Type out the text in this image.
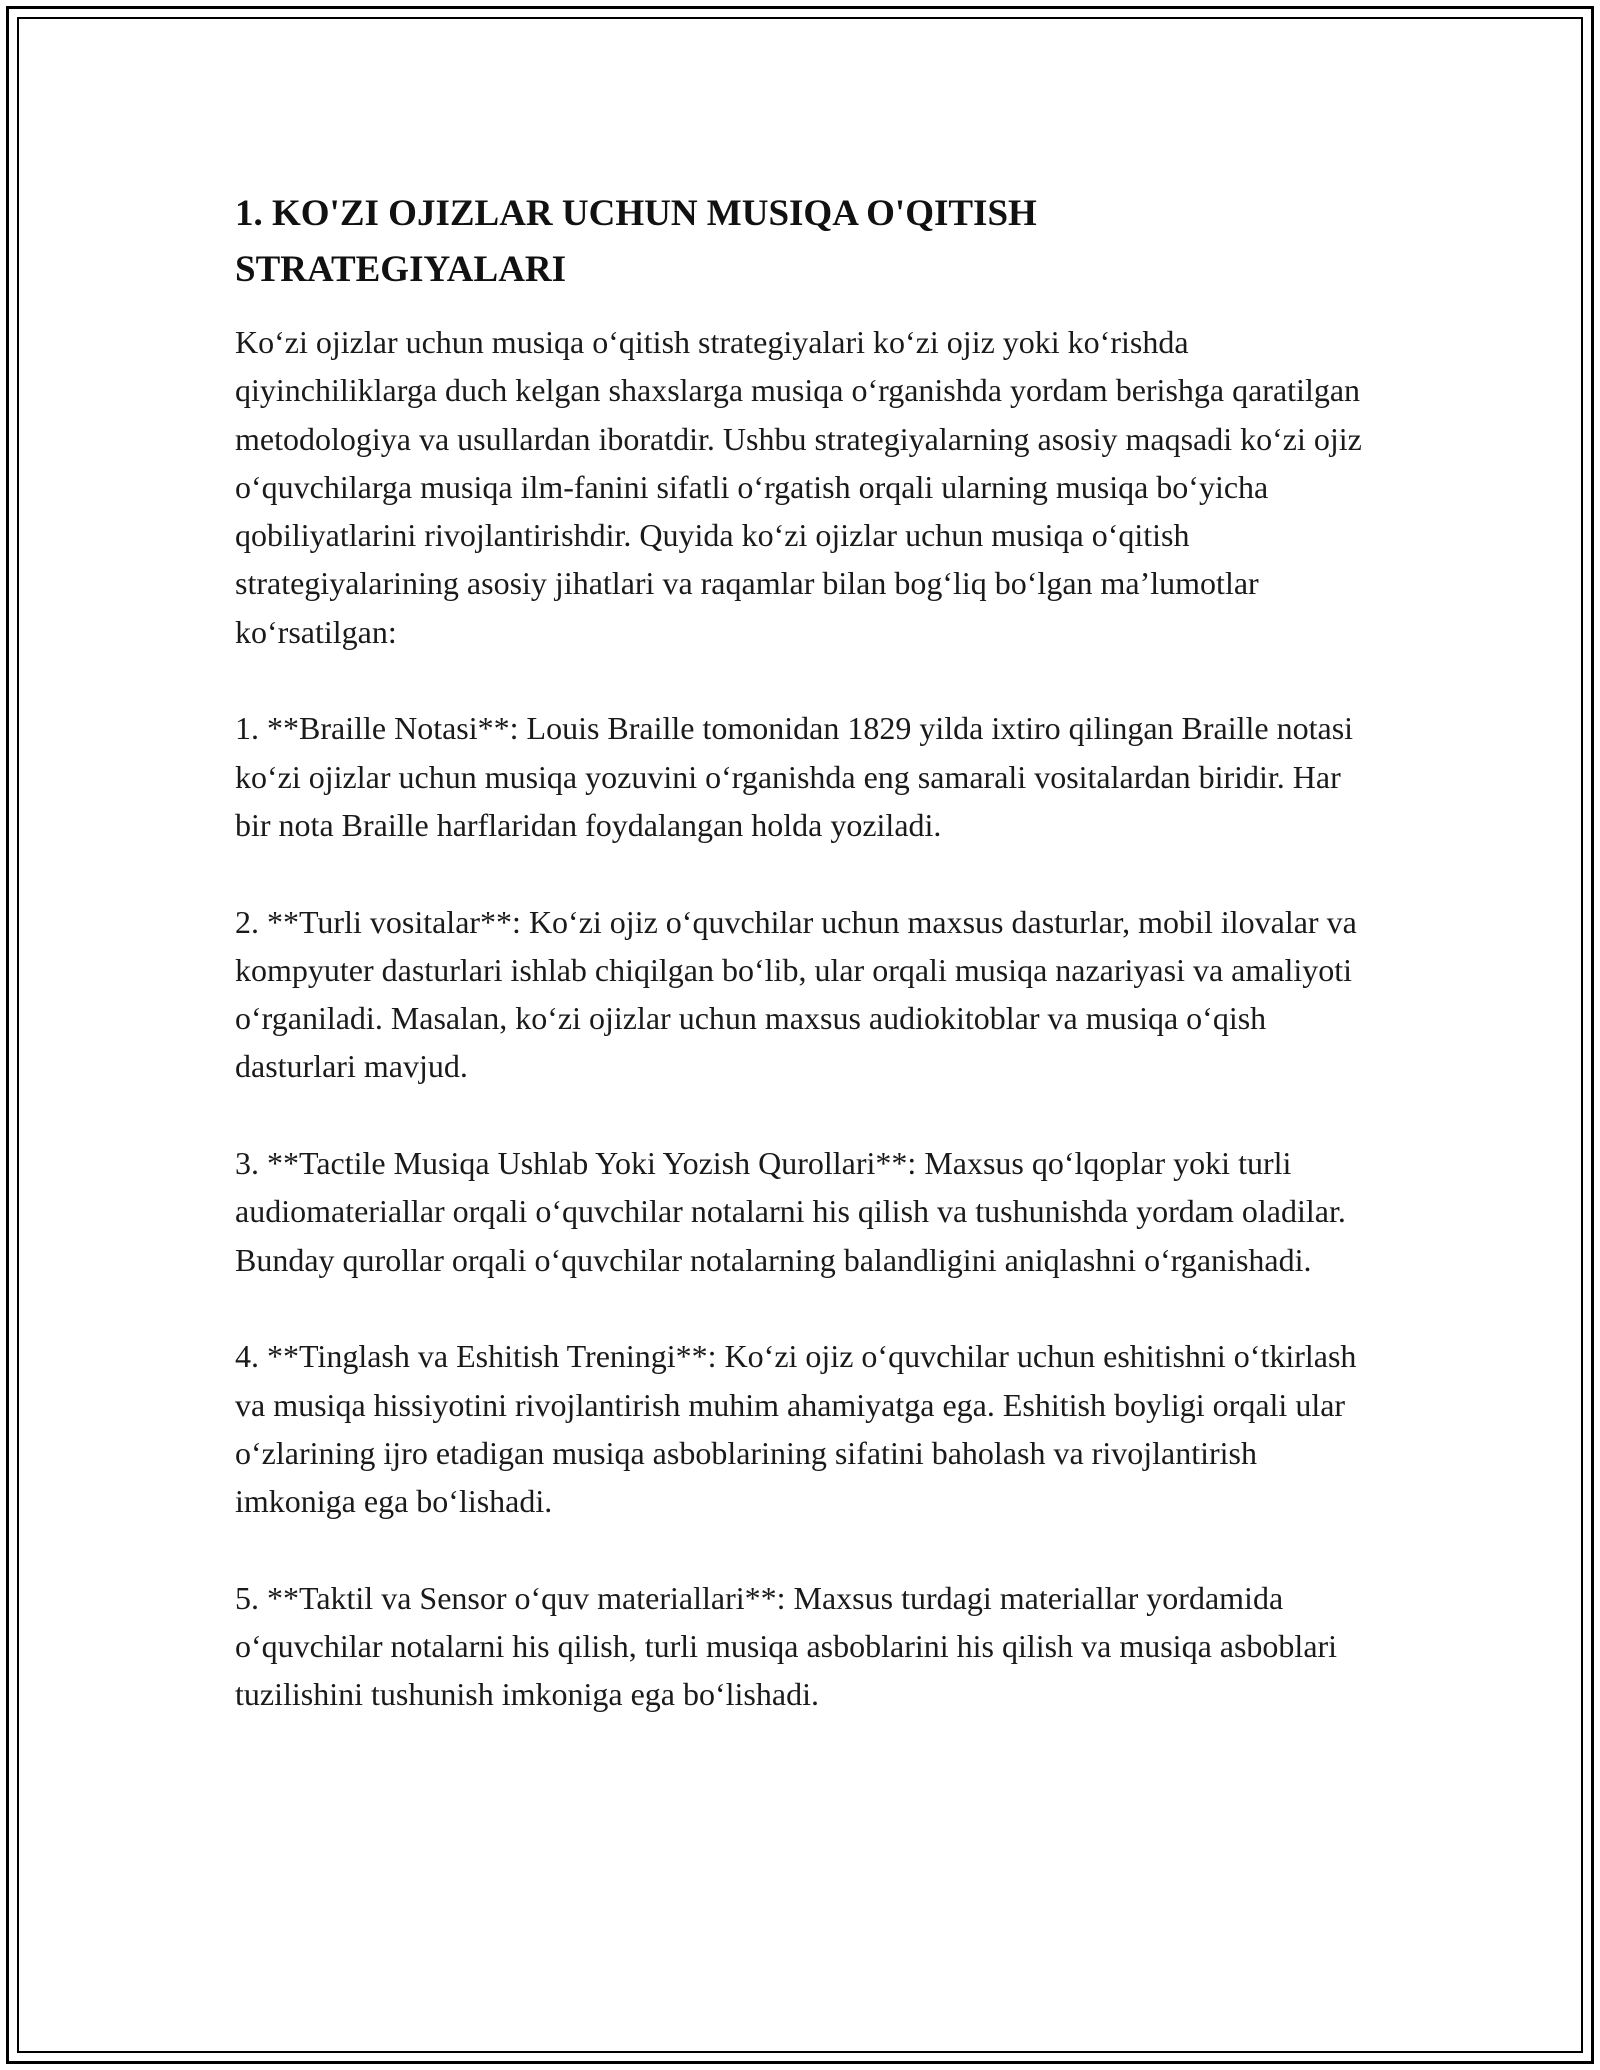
1. KO'ZI OJIZLAR UCHUN MUSIQA O'QITISH STRATEGIYALARI

Ko‘zi ojizlar uchun musiqa o‘qitish strategiyalari ko‘zi ojiz yoki ko‘rishda qiyinchiliklarga duch kelgan shaxslarga musiqa o‘rganishda yordam berishga qaratilgan metodologiya va usullardan iboratdir. Ushbu strategiyalarning asosiy maqsadi ko‘zi ojiz o‘quvchilarga musiqa ilm-fanini sifatli o‘rgatish orqali ularning musiqa bo‘yicha qobiliyatlarini rivojlantirishdir. Quyida ko‘zi ojizlar uchun musiqa o‘qitish strategiyalarining asosiy jihatlari va raqamlar bilan bog‘liq bo‘lgan ma’lumotlar ko‘rsatilgan:

1. **Braille Notasi**: Louis Braille tomonidan 1829 yilda ixtiro qilingan Braille notasi ko‘zi ojizlar uchun musiqa yozuvini o‘rganishda eng samarali vositalardan biridir. Har bir nota Braille harflaridan foydalangan holda yoziladi.

2. **Turli vositalar**: Ko‘zi ojiz o‘quvchilar uchun maxsus dasturlar, mobil ilovalar va kompyuter dasturlari ishlab chiqilgan bo‘lib, ular orqali musiqa nazariyasi va amaliyoti o‘rganiladi. Masalan, ko‘zi ojizlar uchun maxsus audiokitoblar va musiqa o‘qish dasturlari mavjud.

3. **Tactile Musiqa Ushlab Yoki Yozish Qurollari**: Maxsus qo‘lqoplar yoki turli audiomateriallar orqali o‘quvchilar notalarni his qilish va tushunishda yordam oladilar. Bunday qurollar orqali o‘quvchilar notalarning balandligini aniqlashni o‘rganishadi.

4. **Tinglash va Eshitish Treningi**: Ko‘zi ojiz o‘quvchilar uchun eshitishni o‘tkirlash va musiqa hissiyotini rivojlantirish muhim ahamiyatga ega. Eshitish boyligi orqali ular o‘zlarining ijro etadigan musiqa asboblarining sifatini baholash va rivojlantirish imkoniga ega bo‘lishadi.

5. **Taktil va Sensor o‘quv materiallari**: Maxsus turdagi materiallar yordamida o‘quvchilar notalarni his qilish, turli musiqa asboblarini his qilish va musiqa asboblari tuzilishini tushunish imkoniga ega bo‘lishadi.
